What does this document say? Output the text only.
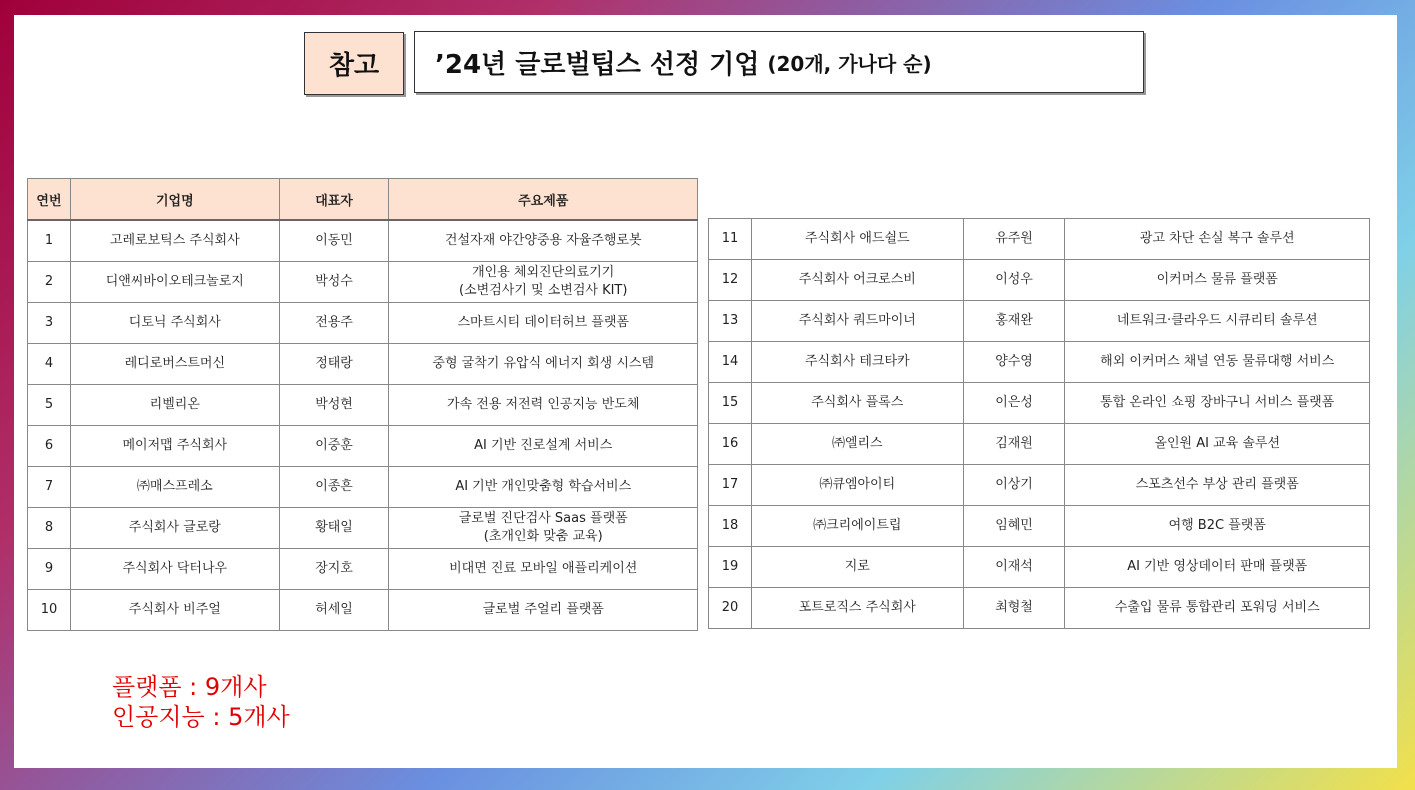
참고	’24년 글로벌팁스 선정 기업 (20개, 가나다 순)
연번	기업명	대표자	주요제품
1	고레로보틱스 주식회사	이동민	건설자재 야간양중용 자율주행로봇
2	디앤씨바이오테크놀로지	박성수	개인용 체외진단의료기기
(소변검사기 및 소변검사 KIT)
3	디토닉 주식회사	전용주	스마트시티 데이터허브 플랫폼
4	레디로버스트머신	정태랑	중형 굴착기 유압식 에너지 회생 시스템
5	리벨리온	박성현	가속 전용 저전력 인공지능 반도체
6	메이저맵 주식회사	이중훈	AI 기반 진로설계 서비스
7	㈜매스프레소	이종흔	AI 기반 개인맞춤형 학습서비스
8	주식회사 글로랑	황태일	글로벌 진단검사 Saas 플랫폼
(초개인화 맞춤 교육)
9	주식회사 닥터나우	장지호	비대면 진료 모바일 애플리케이션
10	주식회사 비주얼	허세일	글로벌 주얼리 플랫폼
11	주식회사 애드쉴드	유주원	광고 차단 손실 복구 솔루션
12	주식회사 어크로스비	이성우	이커머스 물류 플랫폼
13	주식회사 쿼드마이너	홍재완	네트워크·클라우드 시큐리티 솔루션
14	주식회사 테크타카	양수영	해외 이커머스 채널 연동 물류대행 서비스
15	주식회사 플록스	이은성	통합 온라인 쇼핑 장바구니 서비스 플랫폼
16	㈜엘리스	김재원	올인원 AI 교육 솔루션
17	㈜큐엠아이티	이상기	스포츠선수 부상 관리 플랫폼
18	㈜크리에이트립	임혜민	여행 B2C 플랫폼
19	지로	이재석	AI 기반 영상데이터 판매 플랫폼
20	포트로직스 주식회사	최형철	수출입 물류 통합관리 포워딩 서비스
플랫폼 : 9개사
인공지능 : 5개사
